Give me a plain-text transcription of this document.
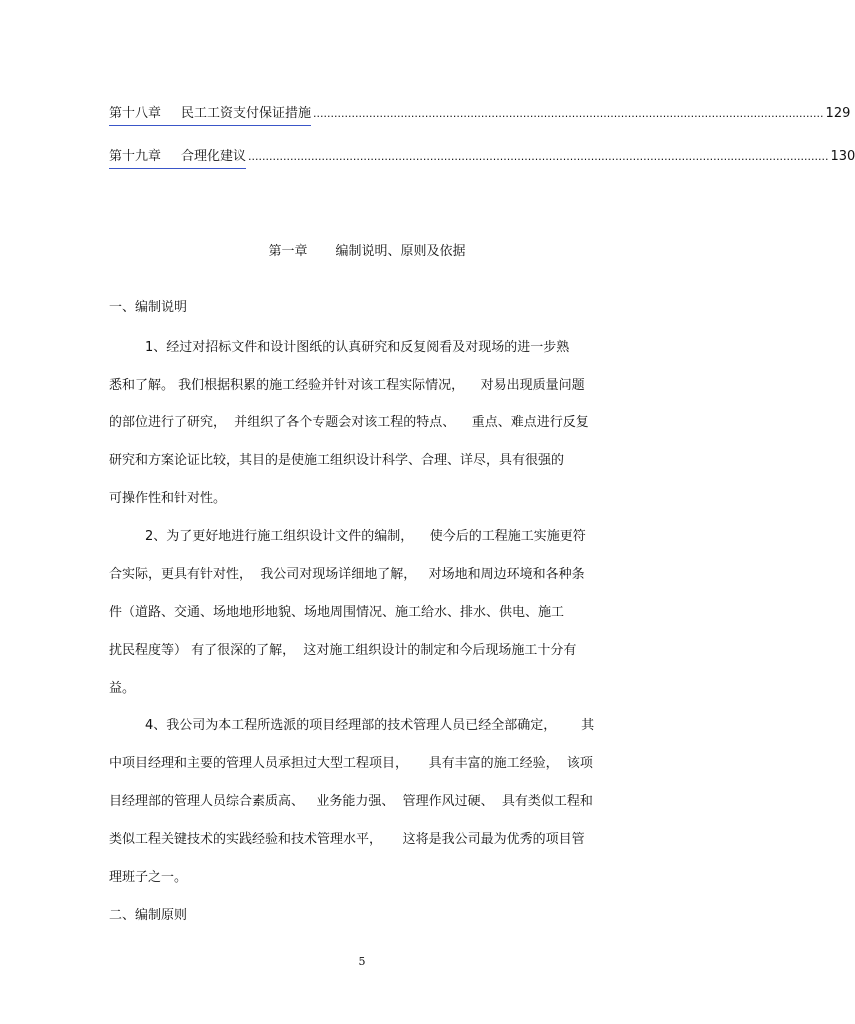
第十八章 民工工资支付保证措施 .................................................................................................................................................. 129
第十九章 合理化建议 ...................................................................................................................................................................... 130
第一章 编制说明、原则及依据
一、编制说明
1、经过对招标文件和设计图纸的认真研究和反复阅看及对现场的进一步熟
悉和了解。 我们根据积累的施工经验并针对该工程实际情况，    对易出现质量问题
的部位进行了研究，  并组织了各个专题会对该工程的特点、    重点、难点进行反复
研究和方案论证比较，其目的是使施工组织设计科学、合理、详尽，具有很强的
可操作性和针对性。
2、为了更好地进行施工组织设计文件的编制，    使今后的工程施工实施更符
合实际，更具有针对性，  我公司对现场详细地了解，   对场地和周边环境和各种条
件（道路、交通、场地地形地貌、场地周围情况、施工给水、排水、供电、施工
扰民程度等） 有了很深的了解，  这对施工组织设计的制定和今后现场施工十分有
益。
4、我公司为本工程所选派的项目经理部的技术管理人员已经全部确定，      其
中项目经理和主要的管理人员承担过大型工程项目，     具有丰富的施工经验，  该项
目经理部的管理人员综合素质高、   业务能力强、  管理作风过硬、  具有类似工程和
类似工程关键技术的实践经验和技术管理水平，     这将是我公司最为优秀的项目管
理班子之一。
二、编制原则
5
